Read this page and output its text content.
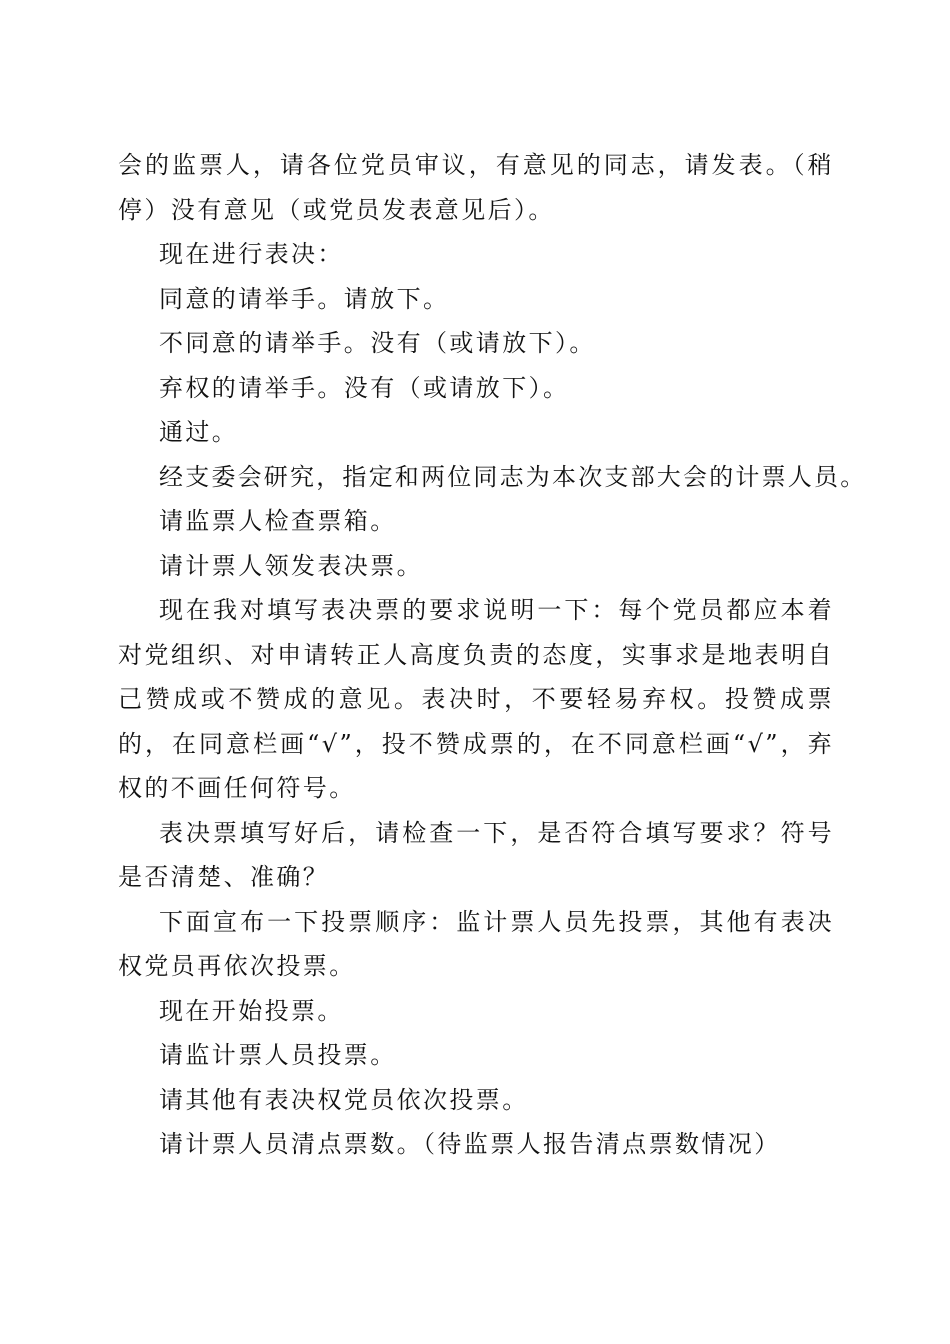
会的监票人，请各位党员审议，有意见的同志，请发表。（稍停）没有意见（或党员发表意见后）。

现在进行表决：

同意的请举手。请放下。

不同意的请举手。没有（或请放下）。

弃权的请举手。没有（或请放下）。

通过。

经支委会研究，指定和两位同志为本次支部大会的计票人员。

请监票人检查票箱。

请计票人领发表决票。

现在我对填写表决票的要求说明一下：每个党员都应本着对党组织、对申请转正人高度负责的态度，实事求是地表明自己赞成或不赞成的意见。表决时，不要轻易弃权。投赞成票的，在同意栏画“√”，投不赞成票的，在不同意栏画“√”，弃权的不画任何符号。

表决票填写好后，请检查一下，是否符合填写要求？符号是否清楚、准确？

下面宣布一下投票顺序：监计票人员先投票，其他有表决权党员再依次投票。

现在开始投票。

请监计票人员投票。

请其他有表决权党员依次投票。

请计票人员清点票数。（待监票人报告清点票数情况）
